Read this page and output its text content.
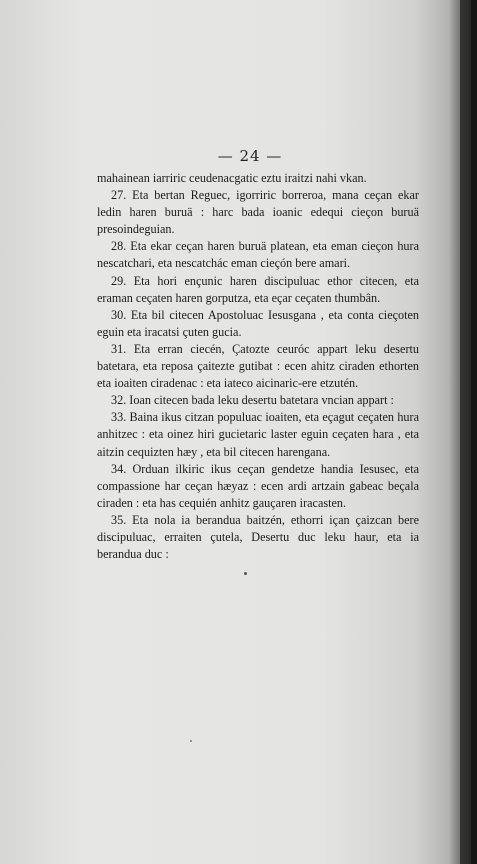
— 24 —

mahainean iarriric ceudenacgatic eztu iraitzi nahi vkan.

27. Eta bertan Reguec, igorriric borreroa, mana ceçan ekar ledin haren buruä : harc bada ioanic edequi cieçon buruä presoindeguian.

28. Eta ekar ceçan haren buruä platean, eta eman cieçon hura nescatchari, eta nescatchác eman cieçón bere amari.

29. Eta hori ençunic haren discipuluac ethor citecen, eta eraman ceçaten haren gorputza, eta eçar ceçaten thumbân.

30. Eta bil citecen Apostoluac Iesusgana , eta conta cieçoten eguin eta iracatsi çuten gucia.

31. Eta erran ciecén, Çatozte ceuróc appart leku desertu batetara, eta reposa çaitezte gutibat : ecen ahitz ciraden ethorten eta ioaiten ciradenac : eta iateco aicinaric-ere etzutén.

32. Ioan citecen bada leku desertu batetara vncian appart :

33. Baina ikus citzan populuac ioaiten, eta eçagut ceçaten hura anhitzec : eta oinez hiri gucietaric laster eguin ceçaten hara , eta aitzin cequizten hæy , eta bil citecen harengana.

34. Orduan ilkiric ikus ceçan gendetze handia Iesusec, eta compassione har ceçan hæyaz : ecen ardi artzain gabeac beçala ciraden : eta has cequién anhitz gauçaren iracasten.

35. Eta nola ia berandua baitzén, ethorri içan çaizcan bere discipuluac, erraiten çutela, Desertu duc leku haur, eta ia berandua duc :
